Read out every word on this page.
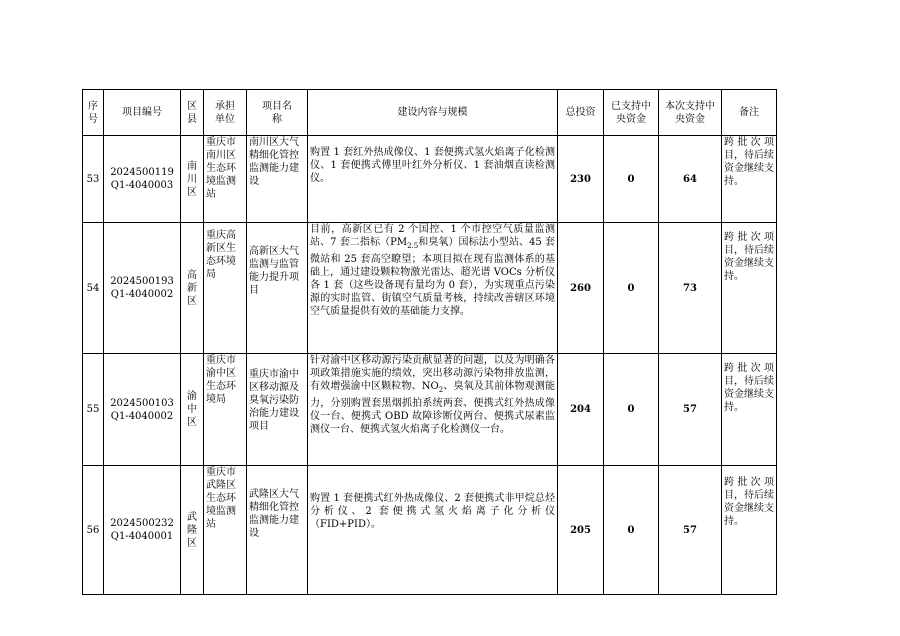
序号	项目编号	区县	承担单位	项目名称	建设内容与规模	总投资	已支持中央资金	本次支持中央资金	备注
53	2024500119 Q1-4040003	南川区	重庆市南川区生态环境监测站	南川区大气精细化管控监测能力建设	购置 1 套红外热成像仪、1 套便携式氢火焰离子化检测仪、1 套便携式傅里叶红外分析仪、1 套油烟直读检测仪。	230	0	64	跨批次项目，待后续资金继续支持。
54	2024500193 Q1-4040002	高新区	重庆高新区生态环境局	高新区大气监测与监管能力提升项目	目前，高新区已有 2 个国控、1 个市控空气质量监测站、7 套二指标（$PM_{2.5}$和臭氧）国标法小型站、45 套微站和 25 套高空瞭望；本项目拟在现有监测体系的基础上，通过建设颗粒物激光雷达、超光谱 VOCs 分析仪各 1 套（这些设备现有量均为 0 套），为实现重点污染源的实时监管、街镇空气质量考核，持续改善辖区环境空气质量提供有效的基础能力支撑。	260	0	73	跨批次项目，待后续资金继续支持。
55	2024500103 Q1-4040002	渝中区	重庆市渝中区生态环境局	重庆市渝中区移动源及臭氧污染防治能力建设项目	针对渝中区移动源污染贡献显著的问题，以及为明确各项政策措施实施的绩效，突出移动源污染物排放监测，有效增强渝中区颗粒物、$NO_2$、臭氧及其前体物观测能力，分别购置套黑烟抓拍系统两套、便携式红外热成像仪一台、便携式 OBD 故障诊断仪两台、便携式尿素监测仪一台、便携式氢火焰离子化检测仪一台。	204	0	57	跨批次项目，待后续资金继续支持。
56	2024500232 Q1-4040001	武隆区	重庆市武隆区生态环境监测站	武隆区大气精细化管控监测能力建设	购置 1 套便携式红外热成像仪、2 套便携式非甲烷总烃分析仪、2 套便携式氢火焰离子化分析仪（FID+PID）。	205	0	57	跨批次项目，待后续资金继续支持。
